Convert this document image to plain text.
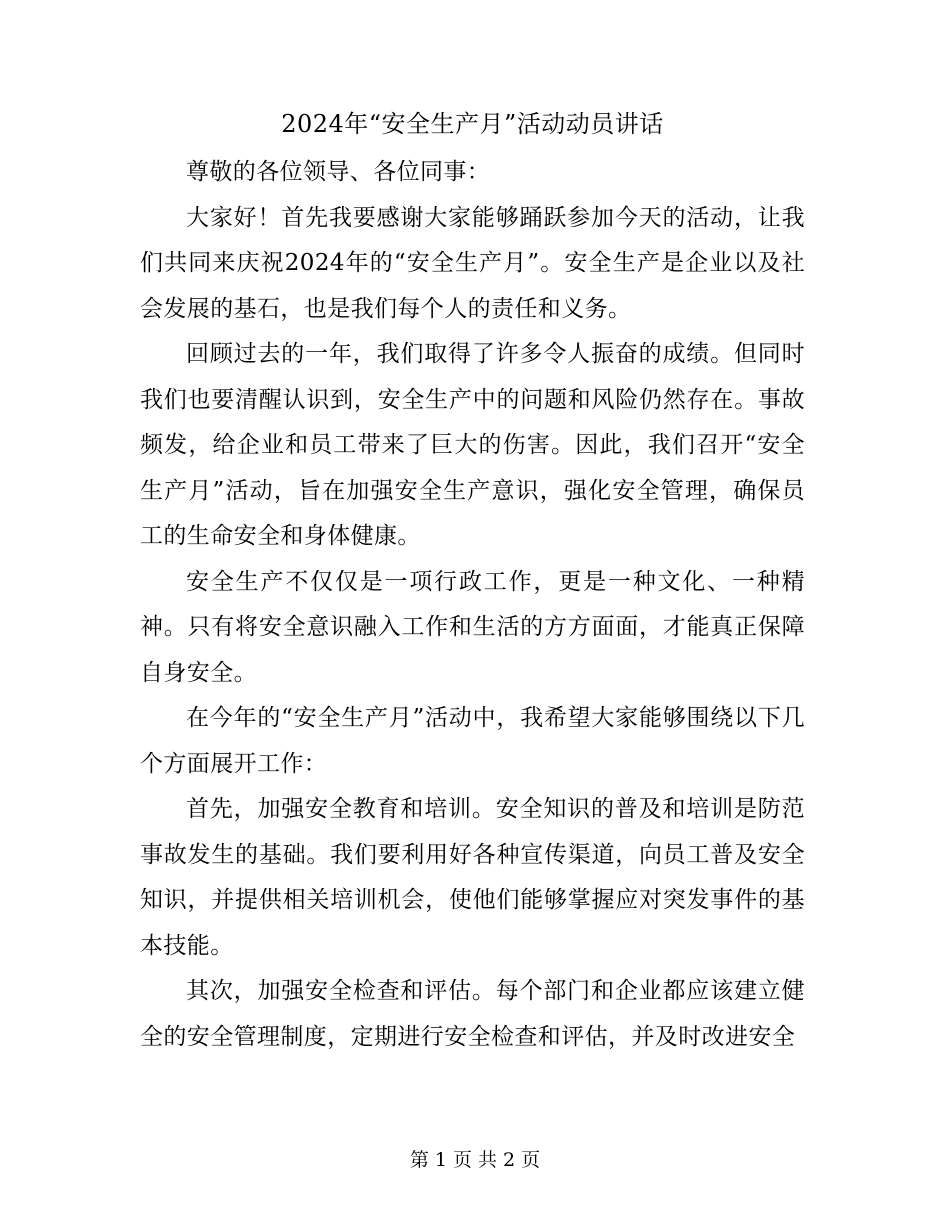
2024年“安全生产月”活动动员讲话

尊敬的各位领导、各位同事：

大家好！首先我要感谢大家能够踊跃参加今天的活动，让我们共同来庆祝2024年的“安全生产月”。安全生产是企业以及社会发展的基石，也是我们每个人的责任和义务。

回顾过去的一年，我们取得了许多令人振奋的成绩。但同时我们也要清醒认识到，安全生产中的问题和风险仍然存在。事故频发，给企业和员工带来了巨大的伤害。因此，我们召开“安全生产月”活动，旨在加强安全生产意识，强化安全管理，确保员工的生命安全和身体健康。

安全生产不仅仅是一项行政工作，更是一种文化、一种精神。只有将安全意识融入工作和生活的方方面面，才能真正保障自身安全。

在今年的“安全生产月”活动中，我希望大家能够围绕以下几个方面展开工作：

首先，加强安全教育和培训。安全知识的普及和培训是防范事故发生的基础。我们要利用好各种宣传渠道，向员工普及安全知识，并提供相关培训机会，使他们能够掌握应对突发事件的基本技能。

其次，加强安全检查和评估。每个部门和企业都应该建立健全的安全管理制度，定期进行安全检查和评估，并及时改进安全

第 1 页 共 2 页
